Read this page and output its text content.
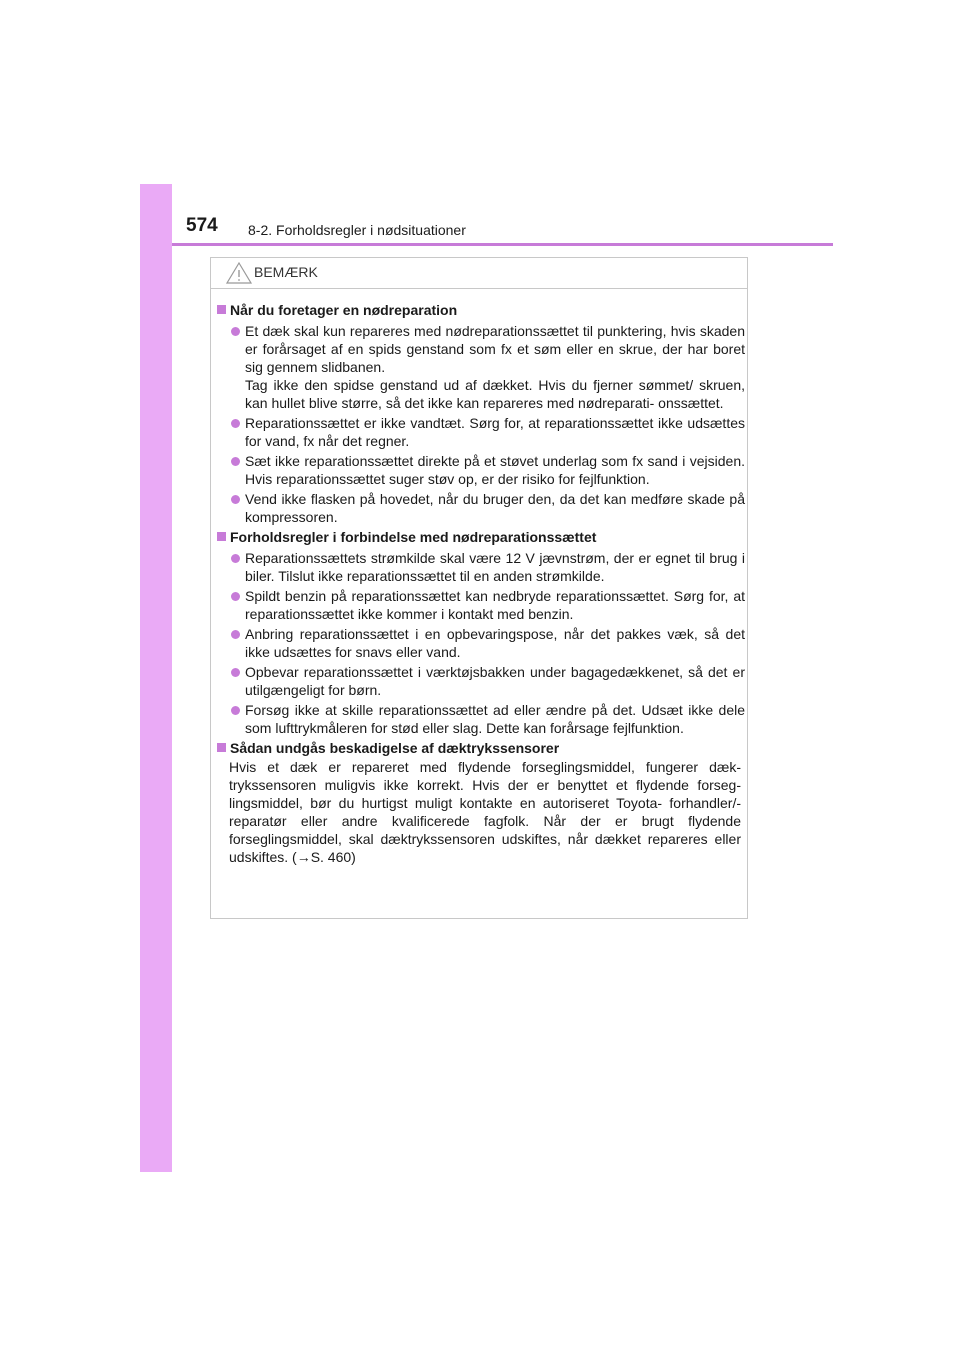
574 8-2. Forholdsregler i nødsituationer
BEMÆRK
Når du foretager en nødreparation
Et dæk skal kun repareres med nødreparationssættet til punktering, hvis skaden er forårsaget af en spids genstand som fx et søm eller en skrue, der har boret sig gennem slidbanen.
Tag ikke den spidse genstand ud af dækket. Hvis du fjerner sømmet/ skruen, kan hullet blive større, så det ikke kan repareres med nødreparati- onssættet.
Reparationssættet er ikke vandtæt. Sørg for, at reparationssættet ikke udsættes for vand, fx når det regner.
Sæt ikke reparationssættet direkte på et støvet underlag som fx sand i vejsiden. Hvis reparationssættet suger støv op, er der risiko for fejlfunktion.
Vend ikke flasken på hovedet, når du bruger den, da det kan medføre skade på kompressoren.
Forholdsregler i forbindelse med nødreparationssættet
Reparationssættets strømkilde skal være 12 V jævnstrøm, der er egnet til brug i biler. Tilslut ikke reparationssættet til en anden strømkilde.
Spildt benzin på reparationssættet kan nedbryde reparationssættet. Sørg for, at reparationssættet ikke kommer i kontakt med benzin.
Anbring reparationssættet i en opbevaringspose, når det pakkes væk, så det ikke udsættes for snavs eller vand.
Opbevar reparationssættet i værktøjsbakken under bagagedækkenet, så det er utilgængeligt for børn.
Forsøg ikke at skille reparationssættet ad eller ændre på det. Udsæt ikke dele som lufttrykmåleren for stød eller slag. Dette kan forårsage fejlfunktion.
Sådan undgås beskadigelse af dæktrykssensorer
Hvis et dæk er repareret med flydende forseglingsmiddel, fungerer dæk- trykssensoren muligvis ikke korrekt. Hvis der er benyttet et flydende forseg- lingsmiddel, bør du hurtigst muligt kontakte en autoriseret Toyota- forhandler/-reparatør eller andre kvalificerede fagfolk. Når der er brugt flydende forseglingsmiddel, skal dæktrykssensoren udskiftes, når dækket repareres eller udskiftes. (→S. 460)
